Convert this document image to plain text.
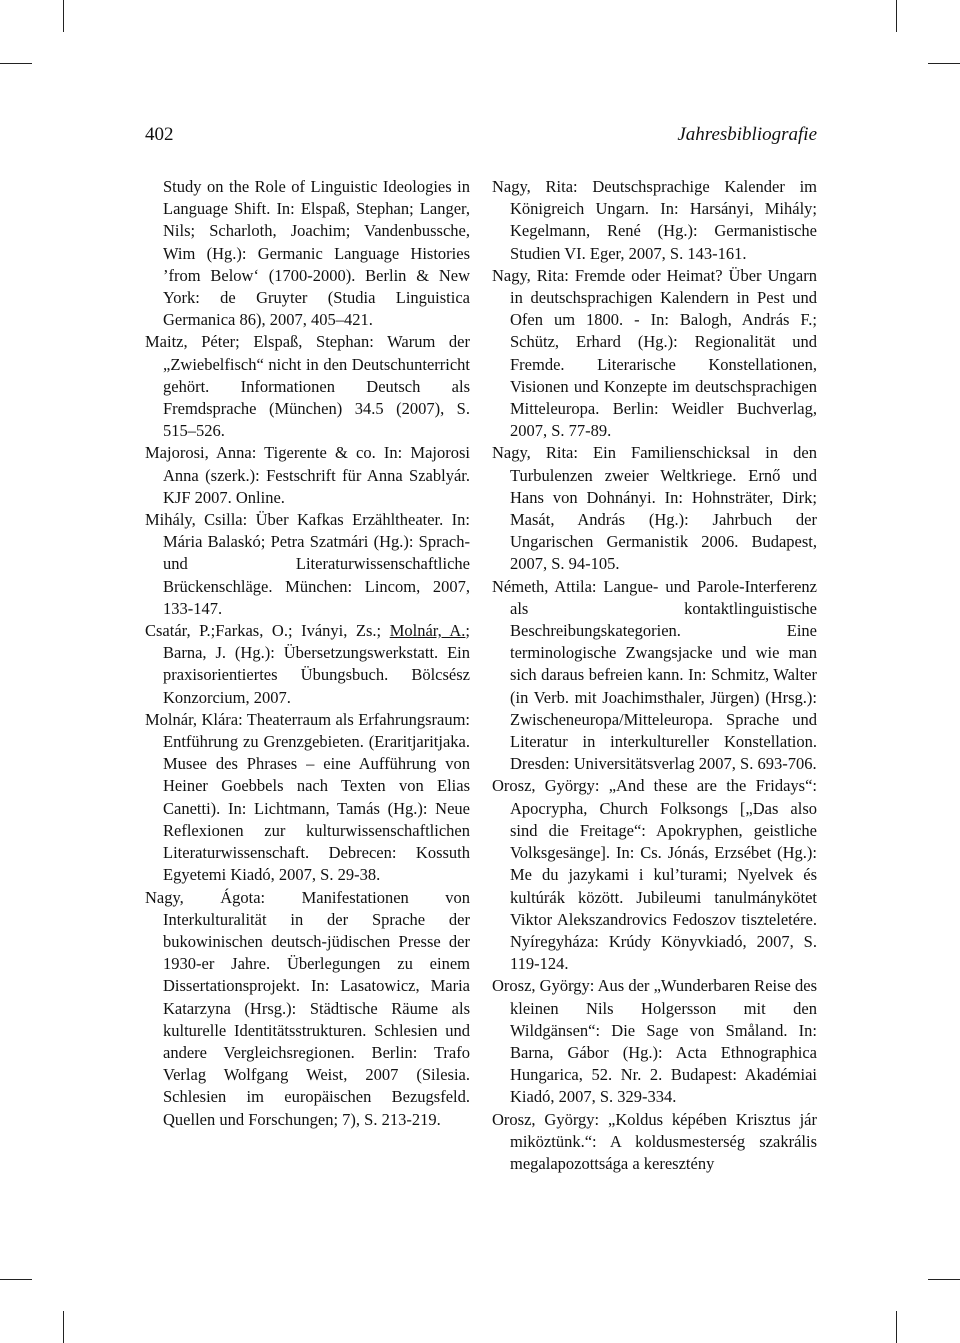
402	Jahresbibliografie

Study on the Role of Linguistic Ideologies in Language Shift. In: Elspaß, Stephan; Langer, Nils; Scharloth, Joachim; Vandenbussche, Wim (Hg.): Germanic Language Histories ’from Below‘ (1700-2000). Berlin & New York: de Gruyter (Studia Linguistica Germanica 86), 2007, 405–421.

Maitz, Péter; Elspaß, Stephan: Warum der „Zwiebelfisch“ nicht in den Deutschunterricht gehört. Informationen Deutsch als Fremdsprache (München) 34.5 (2007), S. 515–526.

Majorosi, Anna: Tigerente & co. In: Majorosi Anna (szerk.): Festschrift für Anna Szablyár. KJF 2007. Online.

Mihály, Csilla: Über Kafkas Erzähltheater. In: Mária Balaskó; Petra Szatmári (Hg.): Sprach- und Literaturwissenschaftliche Brückenschläge. München: Lincom, 2007, 133-147.

Csatár, P.;Farkas, O.; Iványi, Zs.; Molnár, A.; Barna, J. (Hg.): Übersetzungswerkstatt. Ein praxisorientiertes Übungsbuch. Bölcsész Konzorcium, 2007.

Molnár, Klára: Theaterraum als Erfahrungsraum: Entführung zu Grenzgebieten. (Eraritjaritjaka. Musee des Phrases – eine Aufführung von Heiner Goebbels nach Texten von Elias Canetti). In: Lichtmann, Tamás (Hg.): Neue Reflexionen zur kulturwissenschaftlichen Literaturwissenschaft. Debrecen: Kossuth Egyetemi Kiadó, 2007, S. 29-38.

Nagy, Ágota: Manifestationen von Interkulturalität in der Sprache der bukowinischen deutsch-jüdischen Presse der 1930-er Jahre. Überlegungen zu einem Dissertationsprojekt. In: Lasatowicz, Maria Katarzyna (Hrsg.): Städtische Räume als kulturelle Identitätsstrukturen. Schlesien und andere Vergleichsregionen. Berlin: Trafo Verlag Wolfgang Weist, 2007 (Silesia. Schlesien im europäischen Bezugsfeld. Quellen und Forschungen; 7), S. 213-219.

Nagy, Rita: Deutschsprachige Kalender im Königreich Ungarn. In: Harsányi, Mihály; Kegelmann, René (Hg.): Germanistische Studien VI. Eger, 2007, S. 143-161.

Nagy, Rita: Fremde oder Heimat? Über Ungarn in deutschsprachigen Kalendern in Pest und Ofen um 1800. - In: Balogh, András F.; Schütz, Erhard (Hg.): Regionalität und Fremde. Literarische Konstellationen, Visionen und Konzepte im deutschsprachigen Mitteleuropa. Berlin: Weidler Buchverlag, 2007, S. 77-89.

Nagy, Rita: Ein Familienschicksal in den Turbulenzen zweier Weltkriege. Ernő und Hans von Dohnányi. In: Hohnsträter, Dirk; Masát, András (Hg.): Jahrbuch der Ungarischen Germanistik 2006. Budapest, 2007, S. 94-105.

Németh, Attila: Langue- und Parole-Interferenz als kontaktlinguistische Beschreibungskategorien. Eine terminologische Zwangsjacke und wie man sich daraus befreien kann. In: Schmitz, Walter (in Verb. mit Joachimsthaler, Jürgen) (Hrsg.): Zwischeneuropa/Mitteleuropa. Sprache und Literatur in interkultureller Konstellation. Dresden: Universitätsverlag 2007, S. 693-706.

Orosz, György: „And these are the Fridays“: Apocrypha, Church Folksongs [„Das also sind die Freitage“: Apokryphen, geistliche Volksgesänge]. In: Cs. Jónás, Erzsébet (Hg.): Me du jazykami i kul’turami; Nyelvek és kultúrák között. Jubileumi tanulmánykötet Viktor Alekszandrovics Fedoszov tiszteletére. Nyíregyháza: Krúdy Könyvkiadó, 2007, S. 119-124.

Orosz, György: Aus der „Wunderbaren Reise des kleinen Nils Holgersson mit den Wildgänsen“: Die Sage von Småland. In: Barna, Gábor (Hg.): Acta Ethnographica Hungarica, 52. Nr. 2. Budapest: Akadémiai Kiadó, 2007, S. 329-334.

Orosz, György: „Koldus képében Krisztus jár miköztünk.“: A koldusmesterség szakrális megalapozottsága a keresztény
